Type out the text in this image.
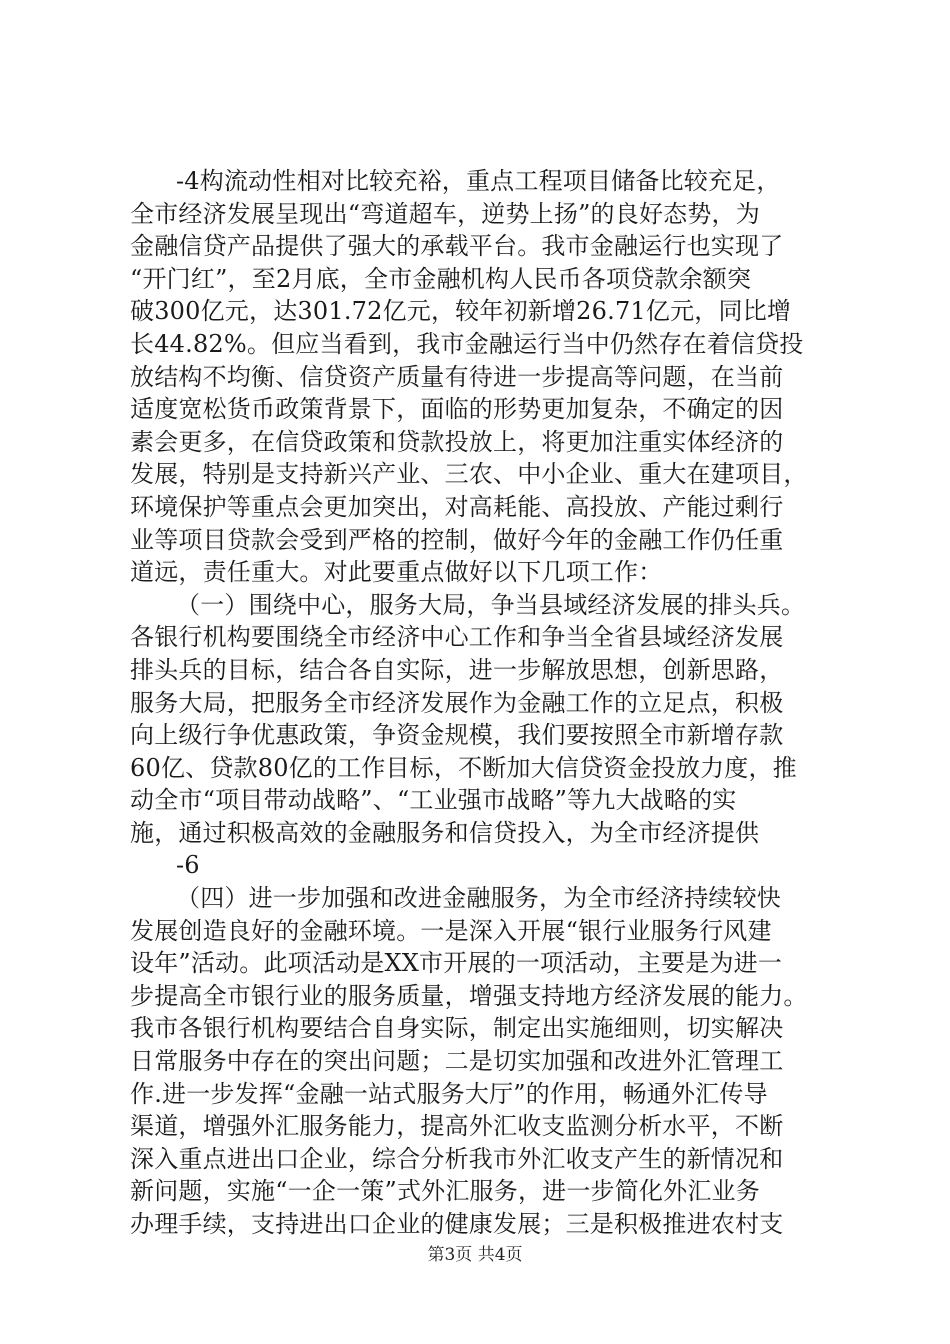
-4构流动性相对比较充裕，重点工程项目储备比较充足，
全市经济发展呈现出“弯道超车，逆势上扬”的良好态势，为
金融信贷产品提供了强大的承载平台。我市金融运行也实现了
“开门红”，至2月底，全市金融机构人民币各项贷款余额突
破300亿元，达301.72亿元，较年初新增26.71亿元，同比增
长44.82%。但应当看到，我市金融运行当中仍然存在着信贷投
放结构不均衡、信贷资产质量有待进一步提高等问题，在当前
适度宽松货币政策背景下，面临的形势更加复杂，不确定的因
素会更多，在信贷政策和贷款投放上，将更加注重实体经济的
发展，特别是支持新兴产业、三农、中小企业、重大在建项目，
环境保护等重点会更加突出，对高耗能、高投放、产能过剩行
业等项目贷款会受到严格的控制，做好今年的金融工作仍任重
道远，责任重大。对此要重点做好以下几项工作：
（一）围绕中心，服务大局，争当县域经济发展的排头兵。
各银行机构要围绕全市经济中心工作和争当全省县域经济发展
排头兵的目标，结合各自实际，进一步解放思想，创新思路，
服务大局，把服务全市经济发展作为金融工作的立足点，积极
向上级行争优惠政策，争资金规模，我们要按照全市新增存款
60亿、贷款80亿的工作目标，不断加大信贷资金投放力度，推
动全市“项目带动战略”、“工业强市战略”等九大战略的实
施，通过积极高效的金融服务和信贷投入，为全市经济提供
-6
（四）进一步加强和改进金融服务，为全市经济持续较快
发展创造良好的金融环境。一是深入开展“银行业服务行风建
设年”活动。此项活动是XX市开展的一项活动，主要是为进一
步提高全市银行业的服务质量，增强支持地方经济发展的能力。
我市各银行机构要结合自身实际，制定出实施细则，切实解决
日常服务中存在的突出问题；二是切实加强和改进外汇管理工
作.进一步发挥“金融一站式服务大厅”的作用，畅通外汇传导
渠道，增强外汇服务能力，提高外汇收支监测分析水平，不断
深入重点进出口企业，综合分析我市外汇收支产生的新情况和
新问题，实施“一企一策”式外汇服务，进一步简化外汇业务
办理手续，支持进出口企业的健康发展；三是积极推进农村支
第3页 共4页
